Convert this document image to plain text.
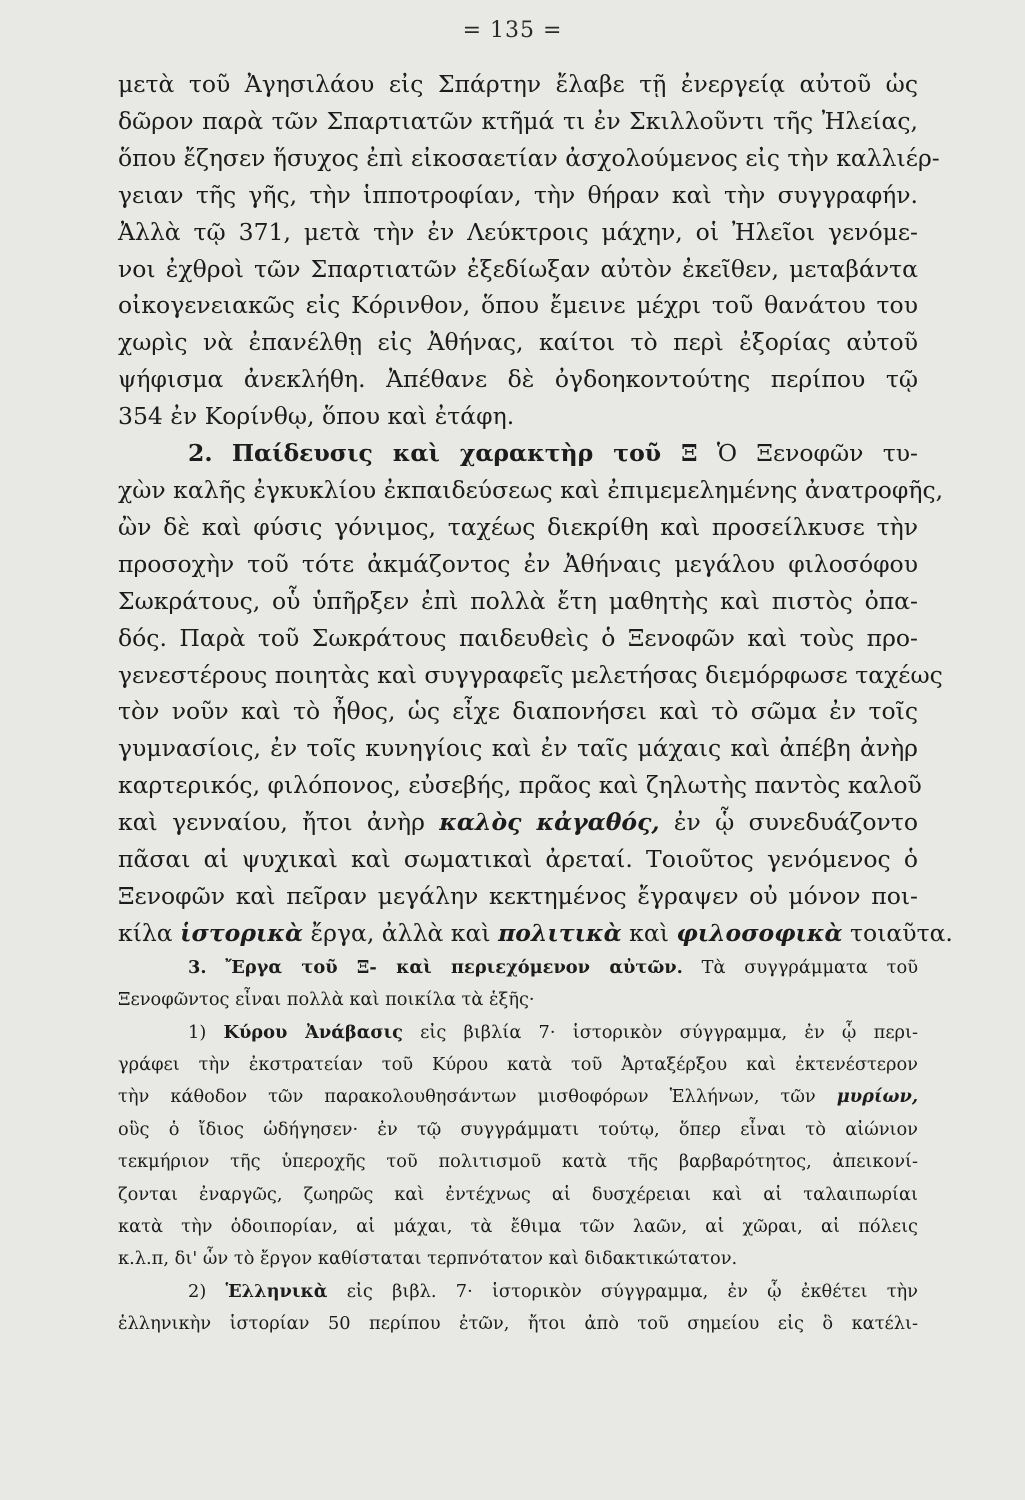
= 135 =
μετὰ τοῦ Ἀγησιλάου εἰς Σπάρτην ἔλαβε τῇ ἐνεργείᾳ αὐτοῦ ὡς
δῶρον παρὰ τῶν Σπαρτιατῶν κτῆμά τι ἐν Σκιλλοῦντι τῆς Ἠλείας,
ὅπου ἔζησεν ἥσυχος ἐπὶ εἰκοσαετίαν ἀσχολούμενος εἰς τὴν καλλιέρ-
γειαν τῆς γῆς, τὴν ἱπποτροφίαν, τὴν θήραν καὶ τὴν συγγραφήν.
Ἀλλὰ τῷ 371, μετὰ τὴν ἐν Λεύκτροις μάχην, οἱ Ἠλεῖοι γενόμε-
νοι ἐχθροὶ τῶν Σπαρτιατῶν ἐξεδίωξαν αὐτὸν ἐκεῖθεν, μεταβάντα
οἰκογενειακῶς εἰς Κόρινθον, ὅπου ἔμεινε μέχρι τοῦ θανάτου του
χωρὶς νὰ ἐπανέλθῃ εἰς Ἀθήνας, καίτοι τὸ περὶ ἐξορίας αὐτοῦ
ψήφισμα ἀνεκλήθη. Ἀπέθανε δὲ ὀγδοηκοντούτης περίπου τῷ
354 ἐν Κορίνθῳ, ὅπου καὶ ἐτάφη.
2. Παίδευσις καὶ χαρακτὴρ τοῦ Ξ Ὁ Ξενοφῶν τυ-
χὼν καλῆς ἐγκυκλίου ἐκπαιδεύσεως καὶ ἐπιμεμελημένης ἀνατροφῆς,
ὢν δὲ καὶ φύσις γόνιμος, ταχέως διεκρίθη καὶ προσείλκυσε τὴν
προσοχὴν τοῦ τότε ἀκμάζοντος ἐν Ἀθήναις μεγάλου φιλοσόφου
Σωκράτους, οὗ ὑπῆρξεν ἐπὶ πολλὰ ἔτη μαθητὴς καὶ πιστὸς ὀπα-
δός. Παρὰ τοῦ Σωκράτους παιδευθεὶς ὁ Ξενοφῶν καὶ τοὺς προ-
γενεστέρους ποιητὰς καὶ συγγραφεῖς μελετήσας διεμόρφωσε ταχέως
τὸν νοῦν καὶ τὸ ἦθος, ὡς εἶχε διαπονήσει καὶ τὸ σῶμα ἐν τοῖς
γυμνασίοις, ἐν τοῖς κυνηγίοις καὶ ἐν ταῖς μάχαις καὶ ἀπέβη ἀνὴρ
καρτερικός, φιλόπονος, εὐσεβής, πρᾶος καὶ ζηλωτὴς παντὸς καλοῦ
καὶ γενναίου, ἤτοι ἀνὴρ καλὸς κἀγαθός, ἐν ᾧ συνεδυάζοντο
πᾶσαι αἱ ψυχικαὶ καὶ σωματικαὶ ἀρεταί. Τοιοῦτος γενόμενος ὁ
Ξενοφῶν καὶ πεῖραν μεγάλην κεκτημένος ἔγραψεν οὐ μόνον ποι-
κίλα ἱστορικὰ ἔργα, ἀλλὰ καὶ πολιτικὰ καὶ φιλοσοφικὰ τοιαῦτα.
3. Ἔργα τοῦ Ξ- καὶ περιεχόμενον αὐτῶν. Τὰ συγγράμματα τοῦ
Ξενοφῶντος εἶναι πολλὰ καὶ ποικίλα τὰ ἑξῆς·
1) Κύρου Ἀνάβασις εἰς βιβλία 7· ἱστορικὸν σύγγραμμα, ἐν ᾧ περι-
γράφει τὴν ἐκστρατείαν τοῦ Κύρου κατὰ τοῦ Ἀρταξέρξου καὶ ἐκτενέστερον
τὴν κάθοδον τῶν παρακολουθησάντων μισθοφόρων Ἑλλήνων, τῶν μυρίων,
οὓς ὁ ἴδιος ὡδήγησεν· ἐν τῷ συγγράμματι τούτῳ, ὅπερ εἶναι τὸ αἰώνιον
τεκμήριον τῆς ὑπεροχῆς τοῦ πολιτισμοῦ κατὰ τῆς βαρβαρότητος, ἀπεικονί-
ζονται ἐναργῶς, ζωηρῶς καὶ ἐντέχνως αἱ δυσχέρειαι καὶ αἱ ταλαιπωρίαι
κατὰ τὴν ὁδοιπορίαν, αἱ μάχαι, τὰ ἔθιμα τῶν λαῶν, αἱ χῶραι, αἱ πόλεις
κ.λ.π, δι' ὧν τὸ ἔργον καθίσταται τερπνότατον καὶ διδακτικώτατον.
2) Ἑλληνικὰ εἰς βιβλ. 7· ἱστορικὸν σύγγραμμα, ἐν ᾧ ἐκθέτει τὴν
ἑλληνικὴν ἱστορίαν 50 περίπου ἐτῶν, ἤτοι ἀπὸ τοῦ σημείου εἰς ὃ κατέλι-
